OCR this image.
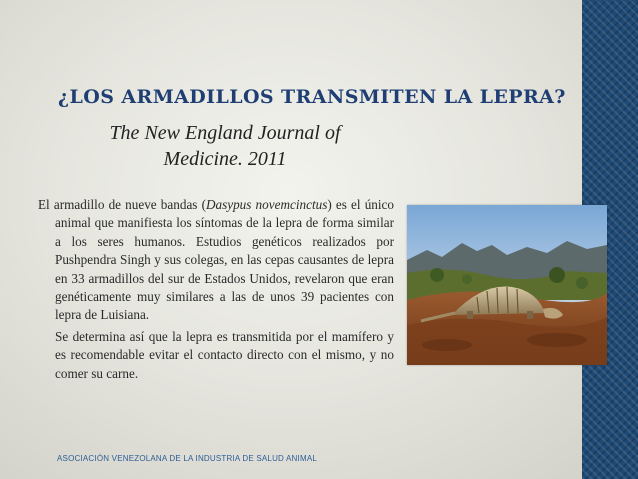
¿LOS ARMADILLOS TRANSMITEN LA LEPRA?
The New England Journal of
Medicine. 2011

El armadillo de nueve bandas (Dasypus novemcinctus) es el único animal que manifiesta los síntomas de la lepra de forma similar a los seres humanos. Estudios genéticos realizados por Pushpendra Singh y sus colegas, en las cepas causantes de lepra en 33 armadillos del sur de Estados Unidos, revelaron que eran genéticamente muy similares a las de unos 39 pacientes con lepra de Luisiana.

Se determina así que la lepra es transmitida por el mamífero y es recomendable evitar el contacto directo con el mismo, y no comer su carne.

ASOCIACIÓN VENEZOLANA DE LA INDUSTRIA DE SALUD ANIMAL
